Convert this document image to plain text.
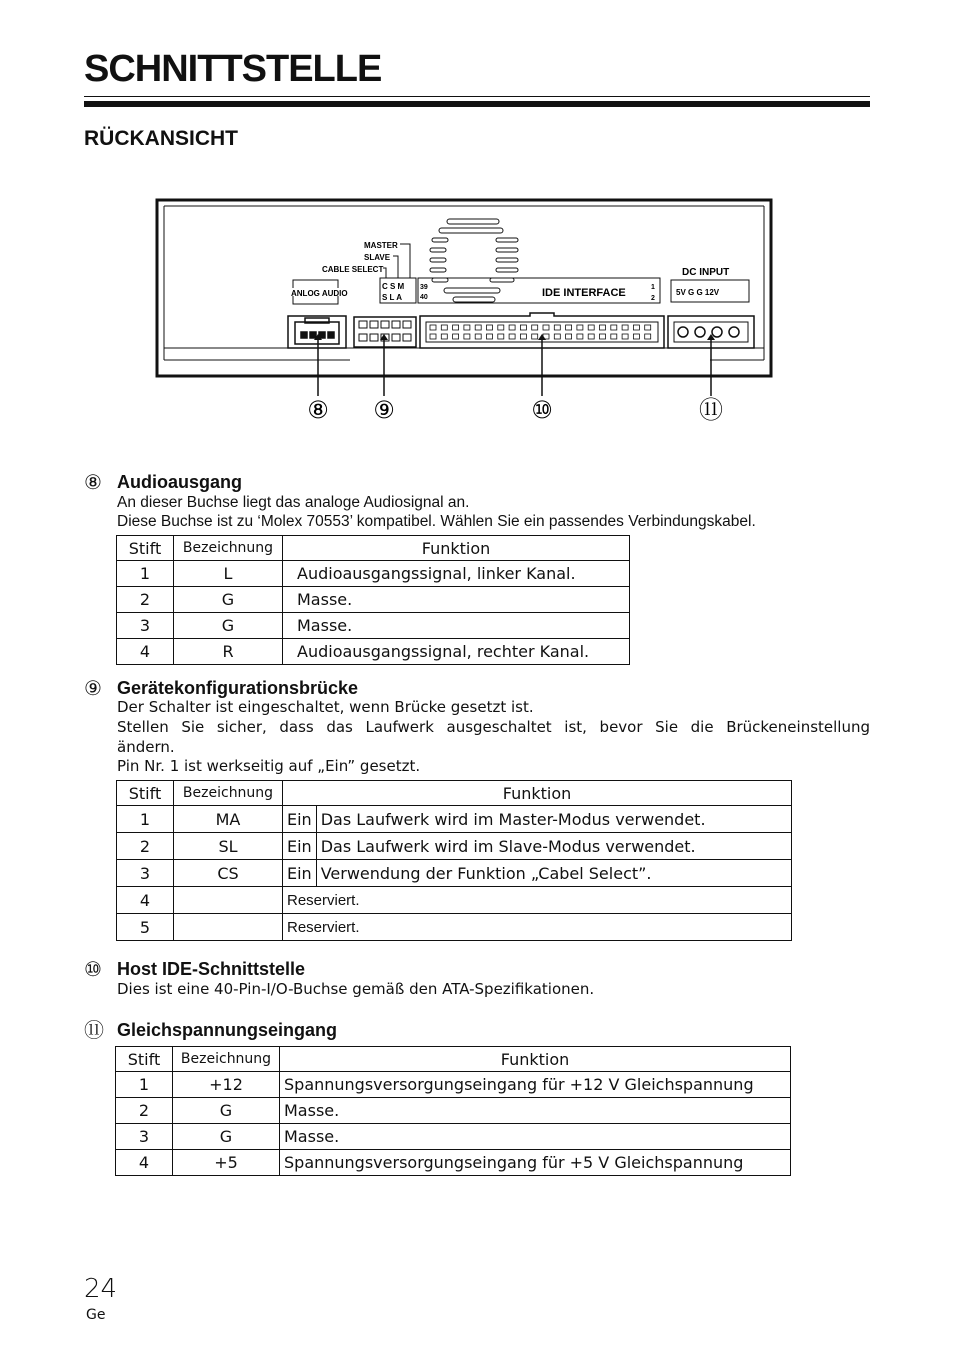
SCHNITTSTELLE
RÜCKANSICHT
MASTER
SLAVE
CABLE SELECT
ANLOG AUDIO
C S M
S L A
39
40	IDE INTERFACE	1
2
DC INPUT
5V G G 12V
⑧ ⑨	⑩	⑪
⑧ Audioausgang
An dieser Buchse liegt das analoge Audiosignal an.
Diese Buchse ist zu ‘Molex 70553’ kompatibel. Wählen Sie ein passendes Verbindungskabel.
Stift	Bezeichnung	Funktion
1	L	Audioausgangssignal, linker Kanal.
2	G	Masse.
3	G	Masse.
4	R	Audioausgangssignal, rechter Kanal.
⑨ Gerätekonfigurationsbrücke
Der Schalter ist eingeschaltet, wenn Brücke gesetzt ist.
Stellen Sie sicher, dass das Laufwerk ausgeschaltet ist, bevor Sie die Brückeneinstellung
ändern.
Pin Nr. 1 ist werkseitig auf „Ein” gesetzt.
Stift	Bezeichnung	Funktion	
1	MA	Ein	Das Laufwerk wird im Master-Modus verwendet.
2	SL	Ein	Das Laufwerk wird im Slave-Modus verwendet.
3	CS	Ein	Verwendung der Funktion „Cabel Select”.
4		Reserviert.	
5		Reserviert.	
⑩ Host IDE-Schnittstelle
Dies ist eine 40-Pin-I/O-Buchse gemäß den ATA-Spezifikationen.
⑪ Gleichspannungseingang
Stift	Bezeichnung	Funktion
1	+12	Spannungsversorgungseingang für +12 V Gleichspannung
2	G	Masse.
3	G	Masse.
4	+5	Spannungsversorgungseingang für +5 V Gleichspannung
24
Ge
